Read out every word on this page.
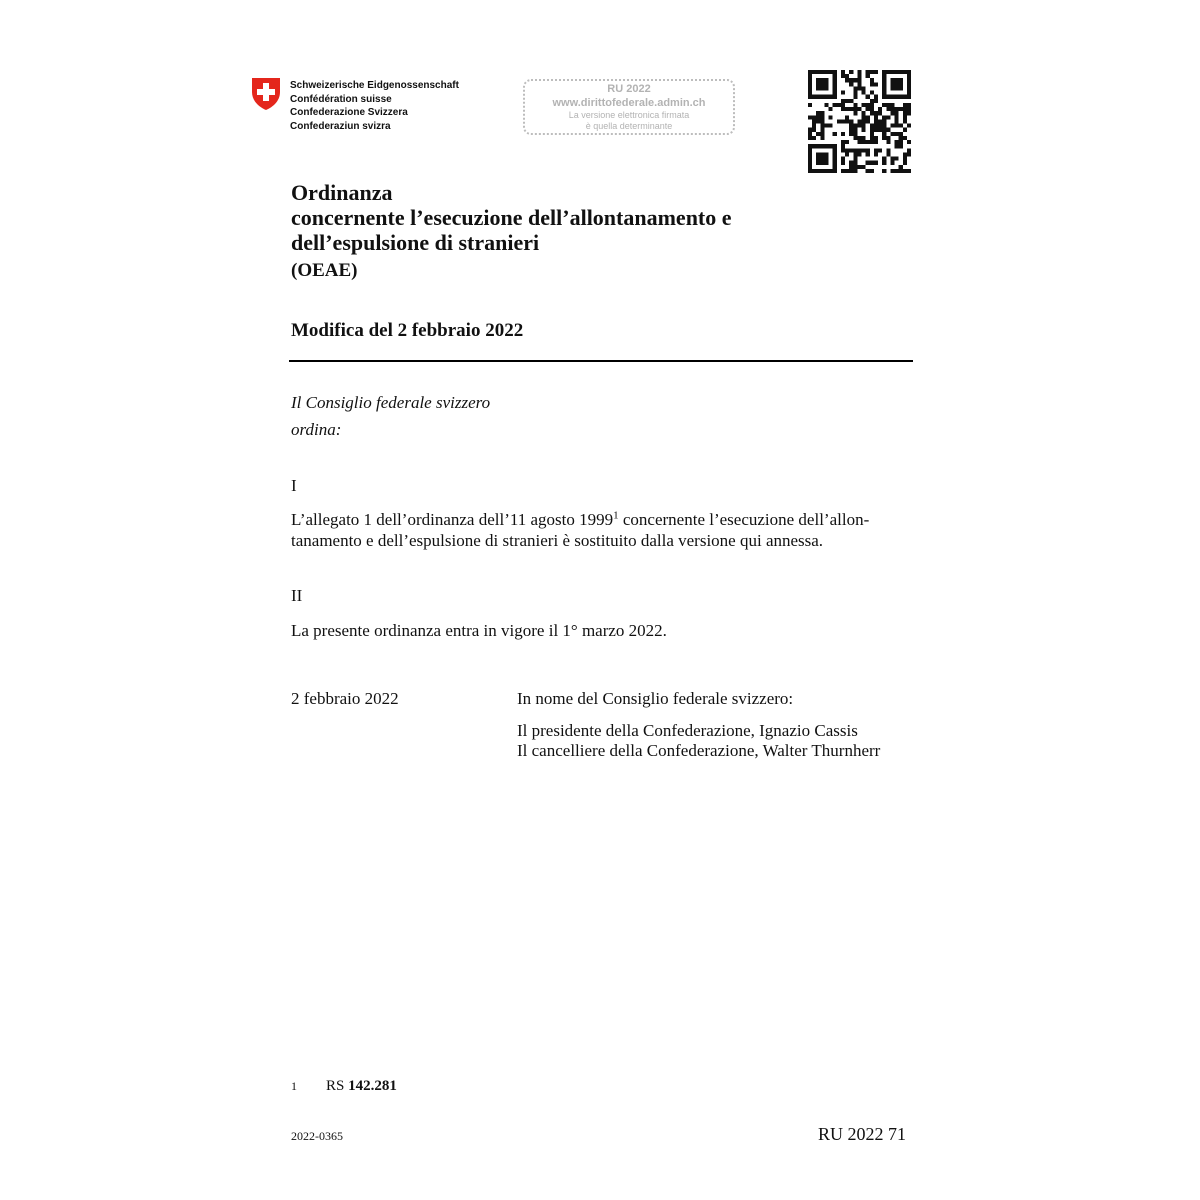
Schweizerische Eidgenossenschaft
Confédération suisse
Confederazione Svizzera
Confederaziun svizra
RU 2022
www.dirittofederale.admin.ch
La versione elettronica firmata
è quella determinante
Ordinanza
concernente l’esecuzione dell’allontanamento e
dell’espulsione di stranieri
(OEAE)
Modifica del 2 febbraio 2022
Il Consiglio federale svizzero
ordina:
I
L’allegato 1 dell’ordinanza dell’11 agosto 1999$^1$ concernente l’esecuzione dell’allon-
tanamento e dell’espulsione di stranieri è sostituito dalla versione qui annessa.
II
La presente ordinanza entra in vigore il 1° marzo 2022.
2 febbraio 2022	In nome del Consiglio federale svizzero:
Il presidente della Confederazione, Ignazio Cassis
Il cancelliere della Confederazione, Walter Thurnherr
1 RS 142.281
2022-0365	RU 2022 71
